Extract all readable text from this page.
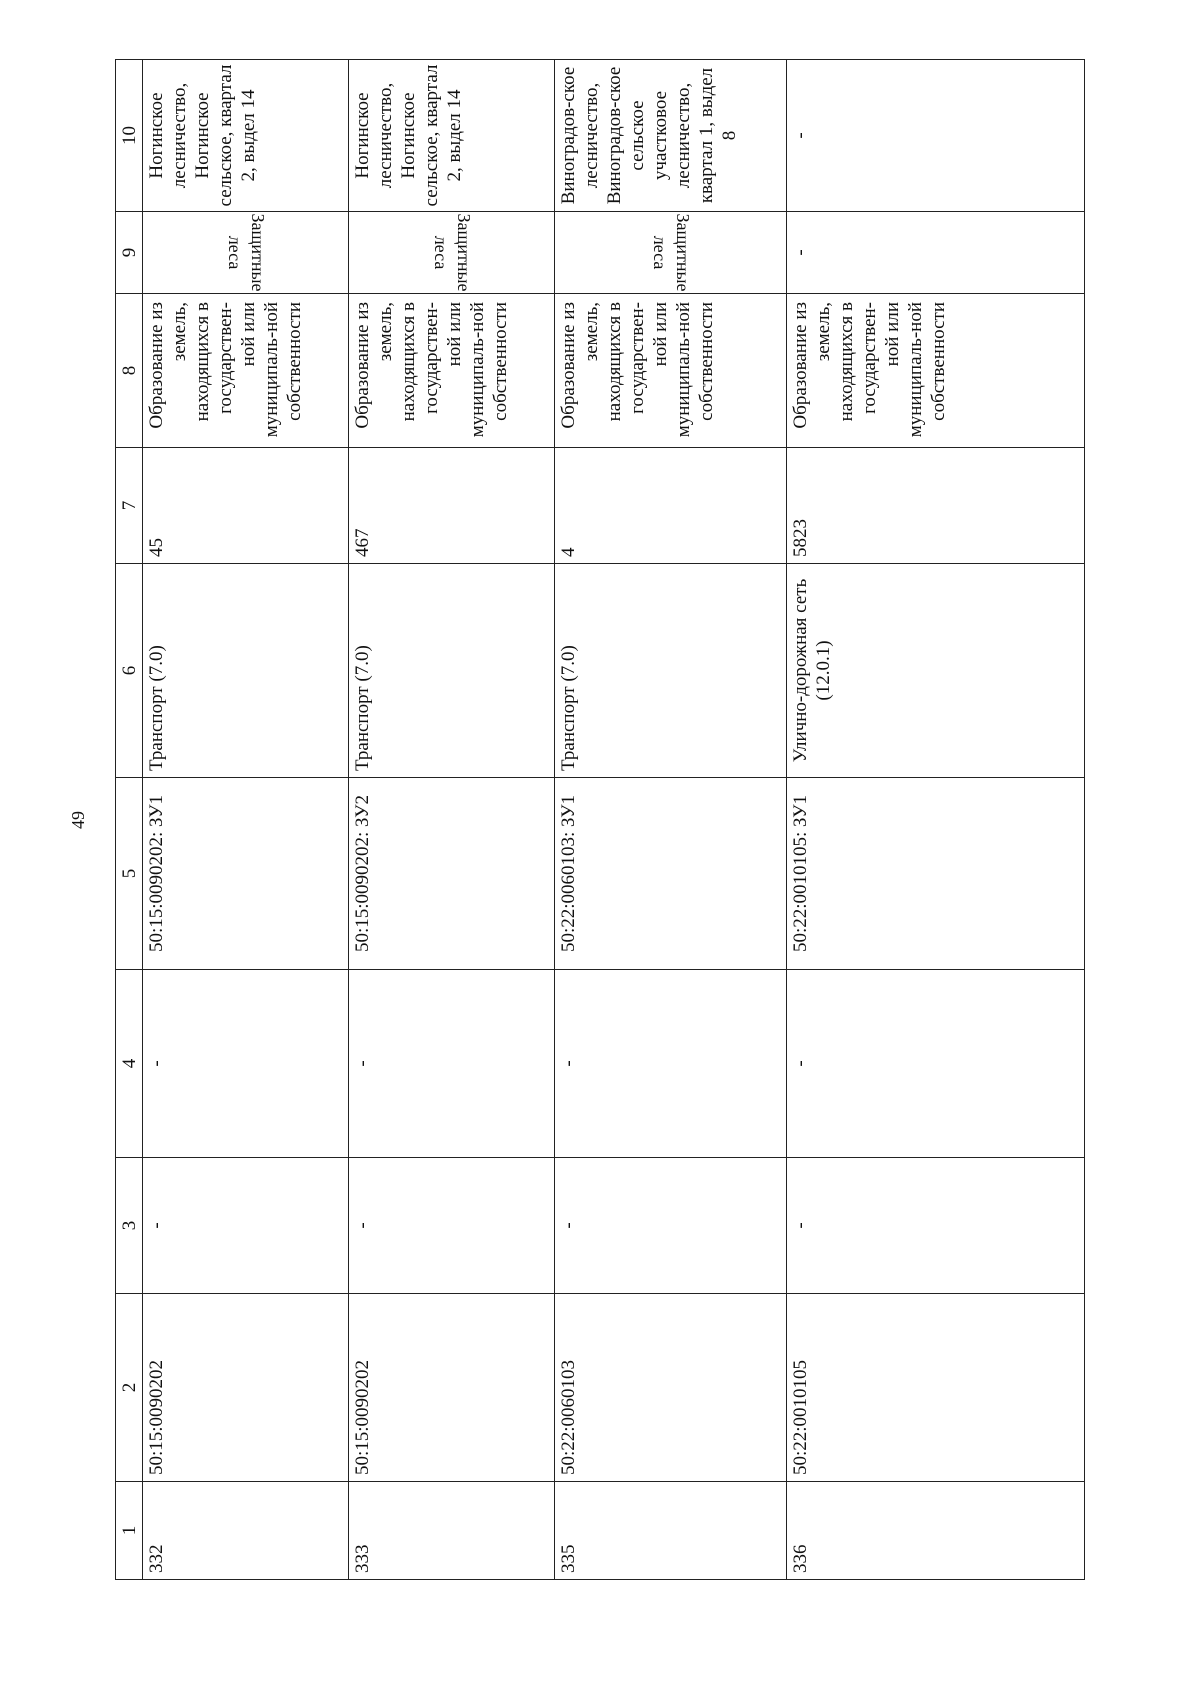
49
1	2	3	4	5	6	7	8	9	10
332	50:15:0090202	-	-	50:15:0090202: ЗУ1	Транспорт (7.0)	45	Образование из земель, находящихся в государствен-ной или муниципаль-ной собственности	Защитные леса	Ногинское лесничество, Ногинское сельское, квартал 2, выдел 14
333	50:15:0090202	-	-	50:15:0090202: ЗУ2	Транспорт (7.0)	467	Образование из земель, находящихся в государствен-ной или муниципаль-ной собственности	Защитные леса	Ногинское лесничество, Ногинское сельское, квартал 2, выдел 14
335	50:22:0060103	-	-	50:22:0060103: ЗУ1	Транспорт (7.0)	4	Образование из земель, находящихся в государствен-ной или муниципаль-ной собственности	Защитные леса	Виноградов-ское лесничество, Виноградов-ское сельское участковое лесничество, квартал 1, выдел 8
336	50:22:0010105	-	-	50:22:0010105: ЗУ1	Улично-дорожная сеть (12.0.1)	5823	Образование из земель, находящихся в государствен-ной или муниципаль-ной собственности	-	-
